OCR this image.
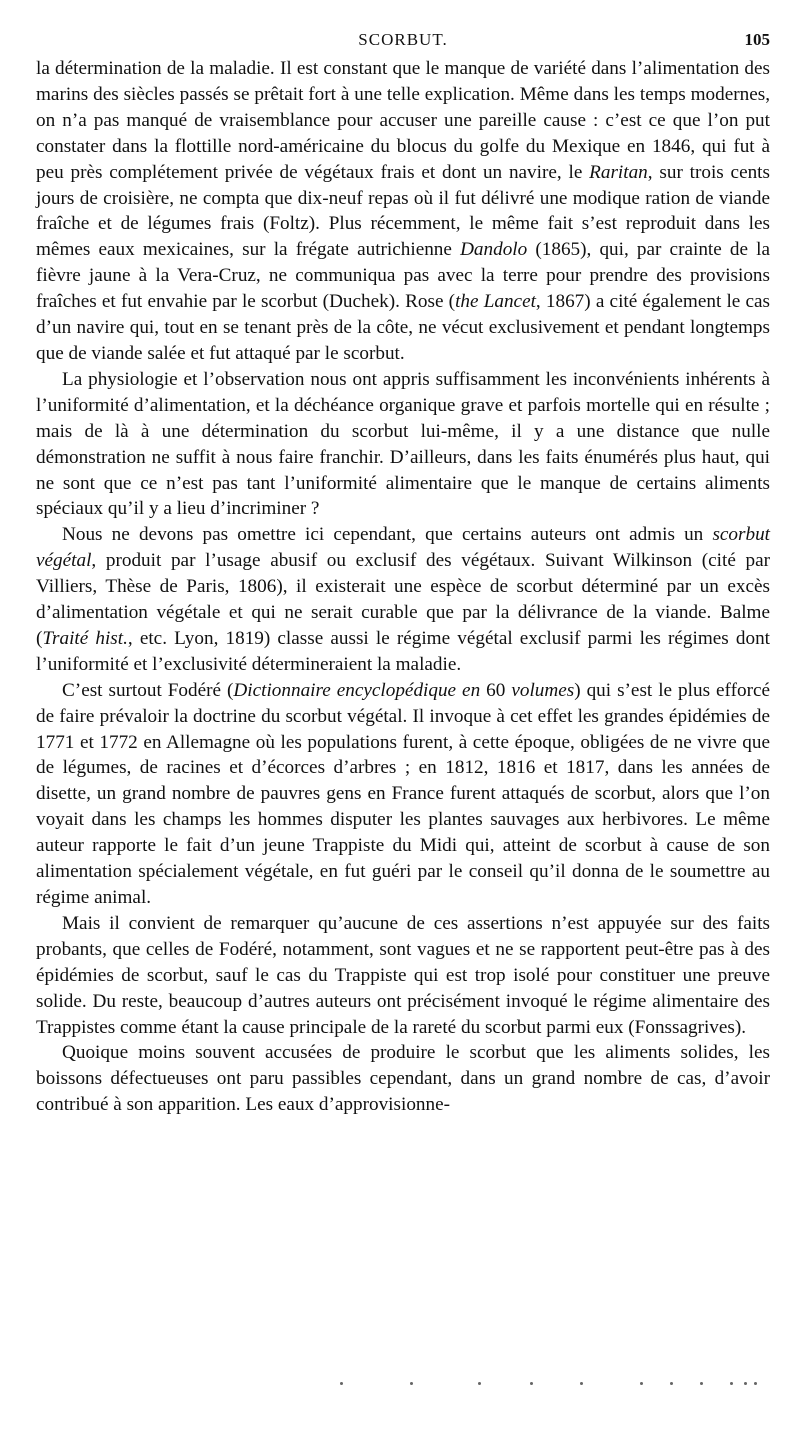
SCORBUT.	105

la détermination de la maladie. Il est constant que le manque de variété dans l’alimentation des marins des siècles passés se prêtait fort à une telle explication. Même dans les temps modernes, on n’a pas manqué de vraisemblance pour accuser une pareille cause : c’est ce que l’on put constater dans la flottille nord-américaine du blocus du golfe du Mexique en 1846, qui fut à peu près complétement privée de végétaux frais et dont un navire, le Raritan, sur trois cents jours de croisière, ne compta que dix-neuf repas où il fut délivré une modique ration de viande fraîche et de légumes frais (Foltz). Plus récemment, le même fait s’est reproduit dans les mêmes eaux mexicaines, sur la frégate autrichienne Dandolo (1865), qui, par crainte de la fièvre jaune à la Vera-Cruz, ne communiqua pas avec la terre pour prendre des provisions fraîches et fut envahie par le scorbut (Duchek). Rose (the Lancet, 1867) a cité également le cas d’un navire qui, tout en se tenant près de la côte, ne vécut exclusivement et pendant longtemps que de viande salée et fut attaqué par le scorbut.

La physiologie et l’observation nous ont appris suffisamment les inconvénients inhérents à l’uniformité d’alimentation, et la déchéance organique grave et parfois mortelle qui en résulte ; mais de là à une détermination du scorbut lui-même, il y a une distance que nulle démonstration ne suffit à nous faire franchir. D’ailleurs, dans les faits énumérés plus haut, qui ne sont que ce n’est pas tant l’uniformité alimentaire que le manque de certains aliments spéciaux qu’il y a lieu d’incriminer ?

Nous ne devons pas omettre ici cependant, que certains auteurs ont admis un scorbut végétal, produit par l’usage abusif ou exclusif des végétaux. Suivant Wilkinson (cité par Villiers, Thèse de Paris, 1806), il existerait une espèce de scorbut déterminé par un excès d’alimentation végétale et qui ne serait curable que par la délivrance de la viande. Balme (Traité hist., etc. Lyon, 1819) classe aussi le régime végétal exclusif parmi les régimes dont l’uniformité et l’exclusivité détermineraient la maladie.

C’est surtout Fodéré (Dictionnaire encyclopédique en 60 volumes) qui s’est le plus efforcé de faire prévaloir la doctrine du scorbut végétal. Il invoque à cet effet les grandes épidémies de 1771 et 1772 en Allemagne où les populations furent, à cette époque, obligées de ne vivre que de légumes, de racines et d’écorces d’arbres ; en 1812, 1816 et 1817, dans les années de disette, un grand nombre de pauvres gens en France furent attaqués de scorbut, alors que l’on voyait dans les champs les hommes disputer les plantes sauvages aux herbivores. Le même auteur rapporte le fait d’un jeune Trappiste du Midi qui, atteint de scorbut à cause de son alimentation spécialement végétale, en fut guéri par le conseil qu’il donna de le soumettre au régime animal.

Mais il convient de remarquer qu’aucune de ces assertions n’est appuyée sur des faits probants, que celles de Fodéré, notamment, sont vagues et ne se rapportent peut-être pas à des épidémies de scorbut, sauf le cas du Trappiste qui est trop isolé pour constituer une preuve solide. Du reste, beaucoup d’autres auteurs ont précisément invoqué le régime alimentaire des Trappistes comme étant la cause principale de la rareté du scorbut parmi eux (Fonssagrives).

Quoique moins souvent accusées de produire le scorbut que les aliments solides, les boissons défectueuses ont paru passibles cependant, dans un grand nombre de cas, d’avoir contribué à son apparition. Les eaux d’approvisionne-
